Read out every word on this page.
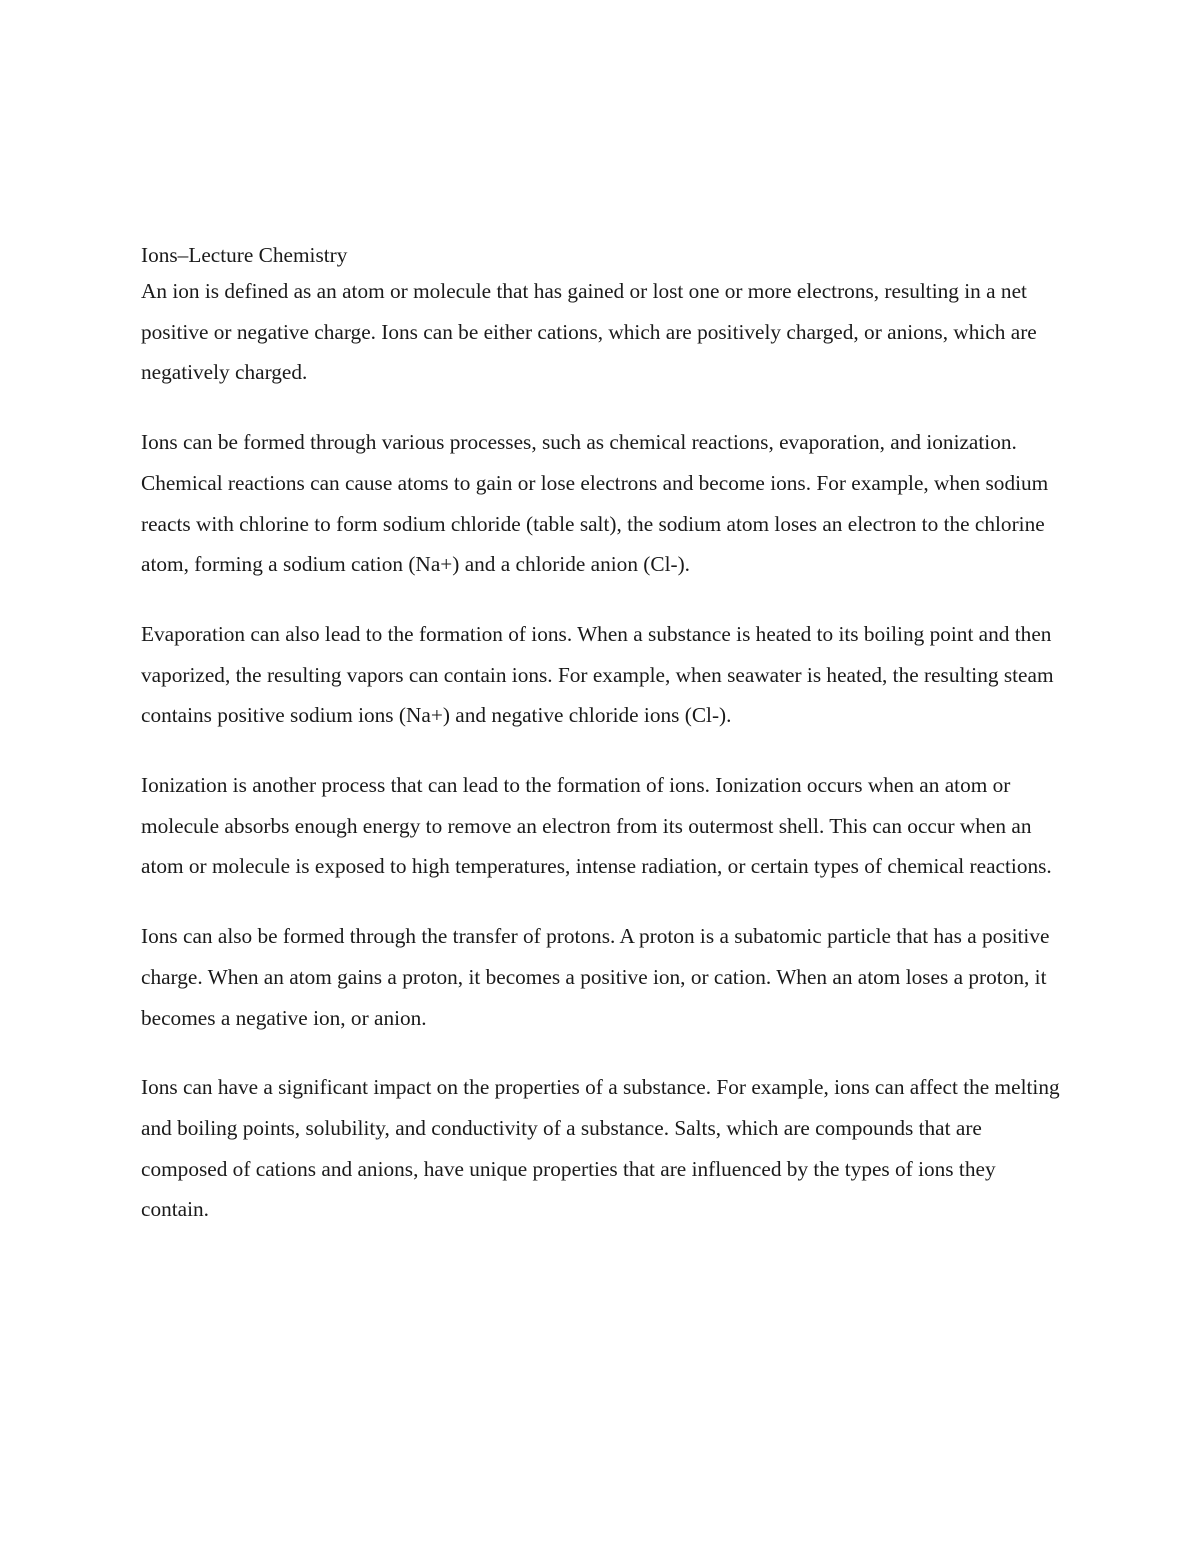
Ions–Lecture Chemistry

An ion is defined as an atom or molecule that has gained or lost one or more electrons, resulting in a net positive or negative charge. Ions can be either cations, which are positively charged, or anions, which are negatively charged.

Ions can be formed through various processes, such as chemical reactions, evaporation, and ionization. Chemical reactions can cause atoms to gain or lose electrons and become ions. For example, when sodium reacts with chlorine to form sodium chloride (table salt), the sodium atom loses an electron to the chlorine atom, forming a sodium cation (Na+) and a chloride anion (Cl-).

Evaporation can also lead to the formation of ions. When a substance is heated to its boiling point and then vaporized, the resulting vapors can contain ions. For example, when seawater is heated, the resulting steam contains positive sodium ions (Na+) and negative chloride ions (Cl-).

Ionization is another process that can lead to the formation of ions. Ionization occurs when an atom or molecule absorbs enough energy to remove an electron from its outermost shell. This can occur when an atom or molecule is exposed to high temperatures, intense radiation, or certain types of chemical reactions.

Ions can also be formed through the transfer of protons. A proton is a subatomic particle that has a positive charge. When an atom gains a proton, it becomes a positive ion, or cation. When an atom loses a proton, it becomes a negative ion, or anion.

Ions can have a significant impact on the properties of a substance. For example, ions can affect the melting and boiling points, solubility, and conductivity of a substance. Salts, which are compounds that are composed of cations and anions, have unique properties that are influenced by the types of ions they contain.
